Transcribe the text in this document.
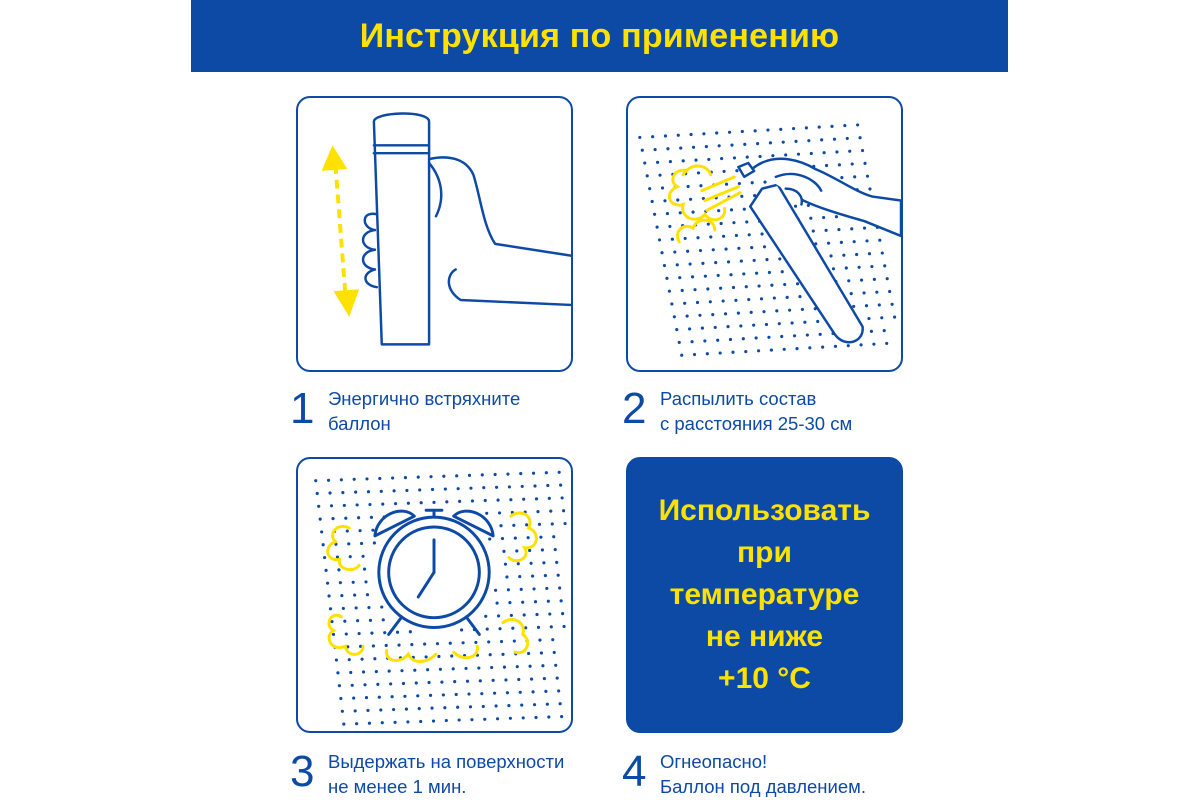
Инструкция по применению
Использовать
при
температуре
не ниже
+10 °C
1 Энергично встряхните
баллон	2 Распылить состав
с расстояния 25-30 см
3 Выдержать на поверхности
не менее 1 мин.	4 Огнеопасно!
Баллон под давлением.
